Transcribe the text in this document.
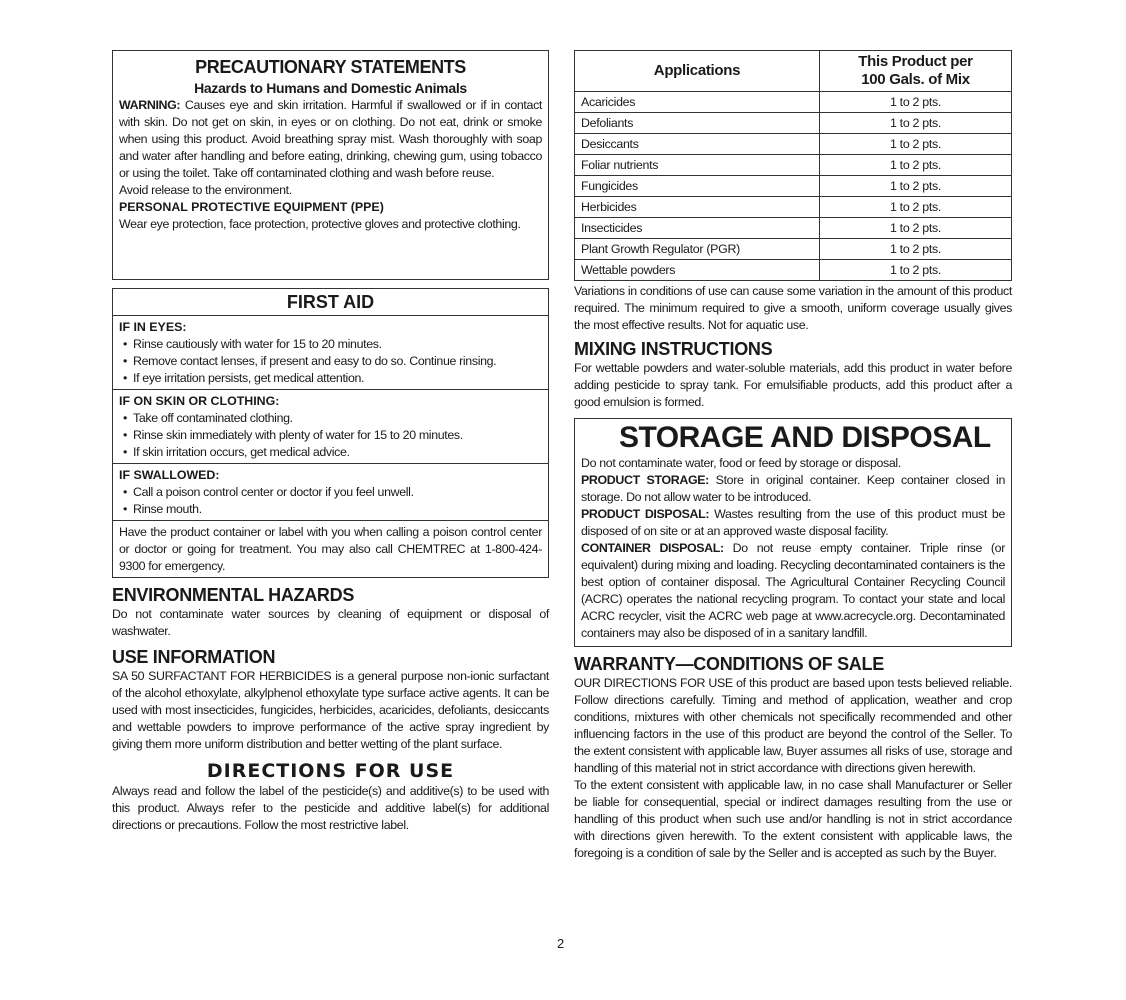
PRECAUTIONARY STATEMENTS
Hazards to Humans and Domestic Animals

WARNING: Causes eye and skin irritation. Harmful if swallowed or if in contact with skin. Do not get on skin, in eyes or on clothing. Do not eat, drink or smoke when using this product. Avoid breathing spray mist. Wash thoroughly with soap and water after handling and before eating, drinking, chewing gum, using tobacco or using the toilet. Take off contaminated clothing and wash before reuse.

Avoid release to the environment.

PERSONAL PROTECTIVE EQUIPMENT (PPE)

Wear eye protection, face protection, protective gloves and protective clothing.

FIRST AID

IF IN EYES:

• Rinse cautiously with water for 15 to 20 minutes.
• Remove contact lenses, if present and easy to do so. Continue rinsing.
• If eye irritation persists, get medical attention.

IF ON SKIN OR CLOTHING:

• Take off contaminated clothing.
• Rinse skin immediately with plenty of water for 15 to 20 minutes.
• If skin irritation occurs, get medical advice.

IF SWALLOWED:

• Call a poison control center or doctor if you feel unwell.
• Rinse mouth.

Have the product container or label with you when calling a poison control center or doctor or going for treatment. You may also call CHEMTREC at 1-800-424-9300 for emergency.

ENVIRONMENTAL HAZARDS

Do not contaminate water sources by cleaning of equipment or disposal of washwater.

USE INFORMATION

SA 50 SURFACTANT FOR HERBICIDES is a general purpose non-ionic surfactant of the alcohol ethoxylate, alkylphenol ethoxylate type surface active agents. It can be used with most insecticides, fungicides, herbicides, acaricides, defoliants, desiccants and wettable powders to improve performance of the active spray ingredient by giving them more uniform distribution and better wetting of the plant surface.

DIRECTIONS FOR USE

Always read and follow the label of the pesticide(s) and additive(s) to be used with this product. Always refer to the pesticide and additive label(s) for additional directions or precautions. Follow the most restrictive label.

Applications	This Product per
100 Gals. of Mix
Acaricides	1 to 2 pts.
Defoliants	1 to 2 pts.
Desiccants	1 to 2 pts.
Foliar nutrients	1 to 2 pts.
Fungicides	1 to 2 pts.
Herbicides	1 to 2 pts.
Insecticides	1 to 2 pts.
Plant Growth Regulator (PGR)	1 to 2 pts.
Wettable powders	1 to 2 pts.

Variations in conditions of use can cause some variation in the amount of this product required. The minimum required to give a smooth, uniform coverage usually gives the most effective results. Not for aquatic use.

MIXING INSTRUCTIONS

For wettable powders and water-soluble materials, add this product in water before adding pesticide to spray tank. For emulsifiable products, add this product after a good emulsion is formed.

STORAGE AND DISPOSAL

Do not contaminate water, food or feed by storage or disposal.

PRODUCT STORAGE: Store in original container. Keep container closed in storage. Do not allow water to be introduced.

PRODUCT DISPOSAL: Wastes resulting from the use of this product must be disposed of on site or at an approved waste disposal facility.

CONTAINER DISPOSAL: Do not reuse empty container. Triple rinse (or equivalent) during mixing and loading. Recycling decontaminated containers is the best option of container disposal. The Agricultural Container Recycling Council (ACRC) operates the national recycling program. To contact your state and local ACRC recycler, visit the ACRC web page at www.acrecycle.org. Decontaminated containers may also be disposed of in a sanitary landfill.

WARRANTY—CONDITIONS OF SALE

OUR DIRECTIONS FOR USE of this product are based upon tests believed reliable. Follow directions carefully. Timing and method of application, weather and crop conditions, mixtures with other chemicals not specifically recommended and other influencing factors in the use of this product are beyond the control of the Seller. To the extent consistent with applicable law, Buyer assumes all risks of use, storage and handling of this material not in strict accordance with directions given herewith.

To the extent consistent with applicable law, in no case shall Manufacturer or Seller be liable for consequential, special or indirect damages resulting from the use or handling of this product when such use and/or handling is not in strict accordance with directions given herewith. To the extent consistent with applicable laws, the foregoing is a condition of sale by the Seller and is accepted as such by the Buyer.

2
